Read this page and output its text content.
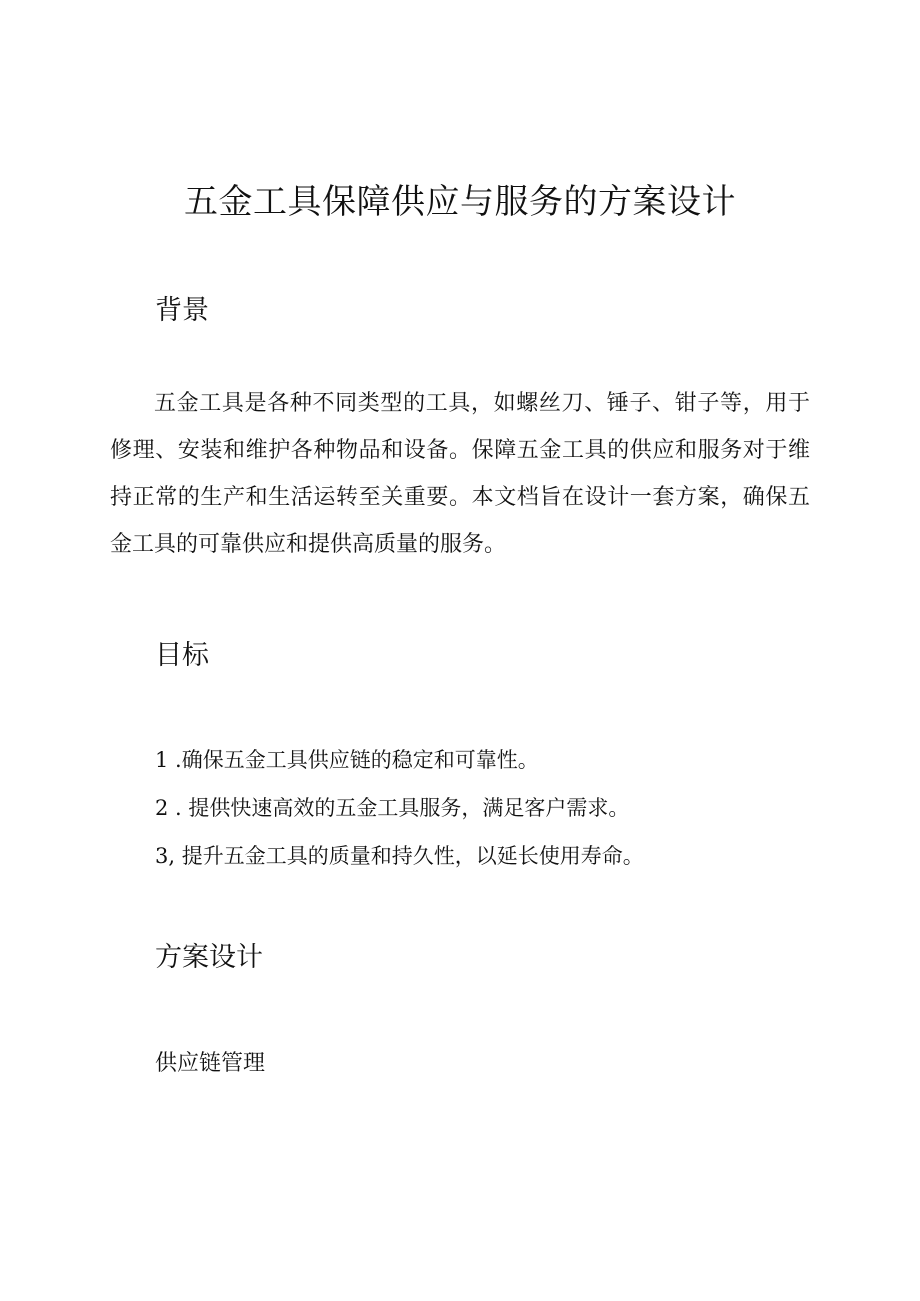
五金工具保障供应与服务的方案设计
背景

五金工具是各种不同类型的工具，如螺丝刀、锤子、钳子等，用于修理、安装和维护各种物品和设备。保障五金工具的供应和服务对于维持正常的生产和生活运转至关重要。本文档旨在设计一套方案，确保五金工具的可靠供应和提供高质量的服务。

目标
1 .确保五金工具供应链的稳定和可靠性。
2 . 提供快速高效的五金工具服务，满足客户需求。
3, 提升五金工具的质量和持久性，以延长使用寿命。
方案设计
供应链管理
